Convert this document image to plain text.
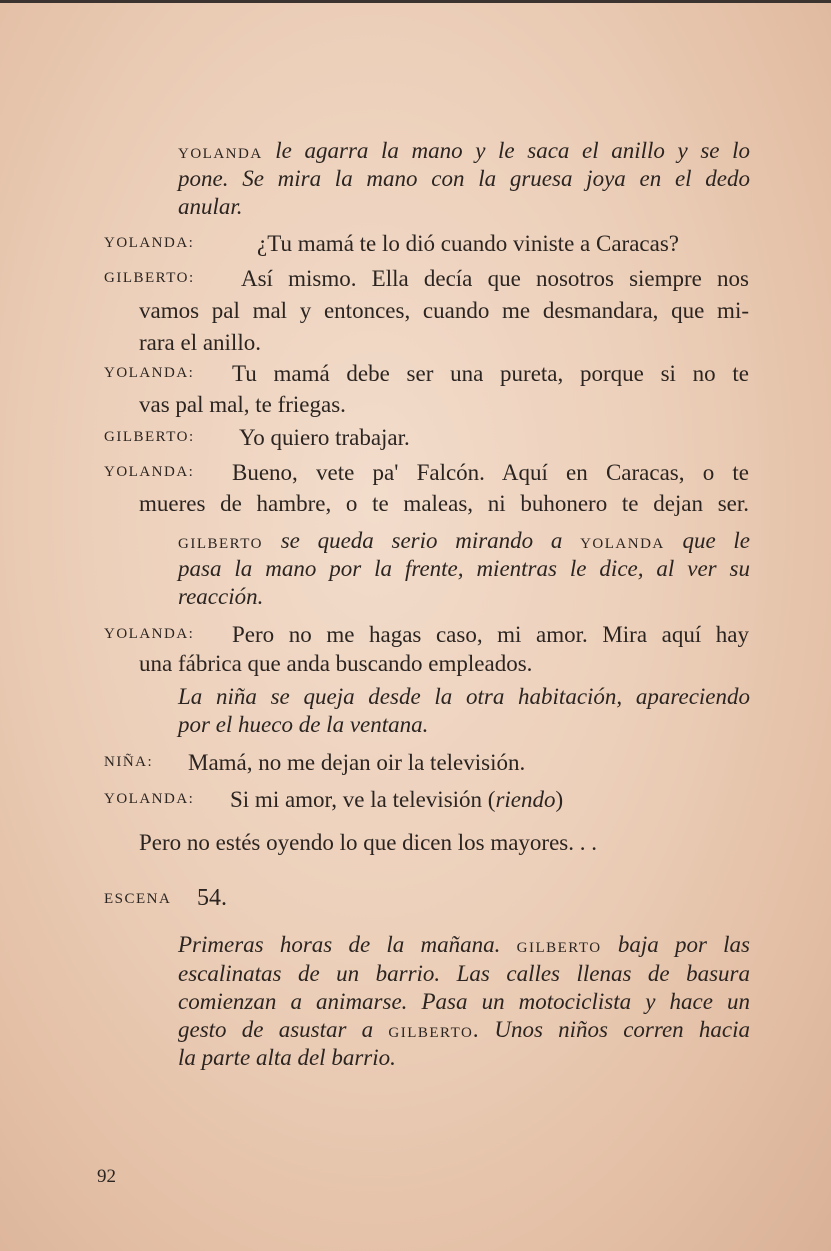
YOLANDA le agarra la mano y le saca el anillo y se lo
pone. Se mira la mano con la gruesa joya en el dedo
anular.
YOLANDA:	¿Tu mamá te lo dió cuando viniste a Caracas?
GILBERTO: Así mismo. Ella decía que nosotros siempre nos
vamos pal mal y entonces, cuando me desmandara, que mi-
rara el anillo.
YOLANDA: Tu mamá debe ser una pureta, porque si no te
vas pal mal, te friegas.
GILBERTO: Yo quiero trabajar.
YOLANDA: Bueno, vete pa' Falcón. Aquí en Caracas, o te
mueres de hambre, o te maleas, ni buhonero te dejan ser.
GILBERTO se queda serio mirando a YOLANDA que le
pasa la mano por la frente, mientras le dice, al ver su
reacción.
YOLANDA: Pero no me hagas caso, mi amor. Mira aquí hay
una fábrica que anda buscando empleados.
La niña se queja desde la otra habitación, apareciendo
por el hueco de la ventana.
NIÑA: Mamá, no me dejan oir la televisión.
YOLANDA: Si mi amor, ve la televisión (riendo)
Pero no estés oyendo lo que dicen los mayores. . .
ESCENA 54.
Primeras horas de la mañana. GILBERTO baja por las
escalinatas de un barrio. Las calles llenas de basura
comienzan a animarse. Pasa un motociclista y hace un
gesto de asustar a GILBERTO. Unos niños corren hacia
la parte alta del barrio.
92
